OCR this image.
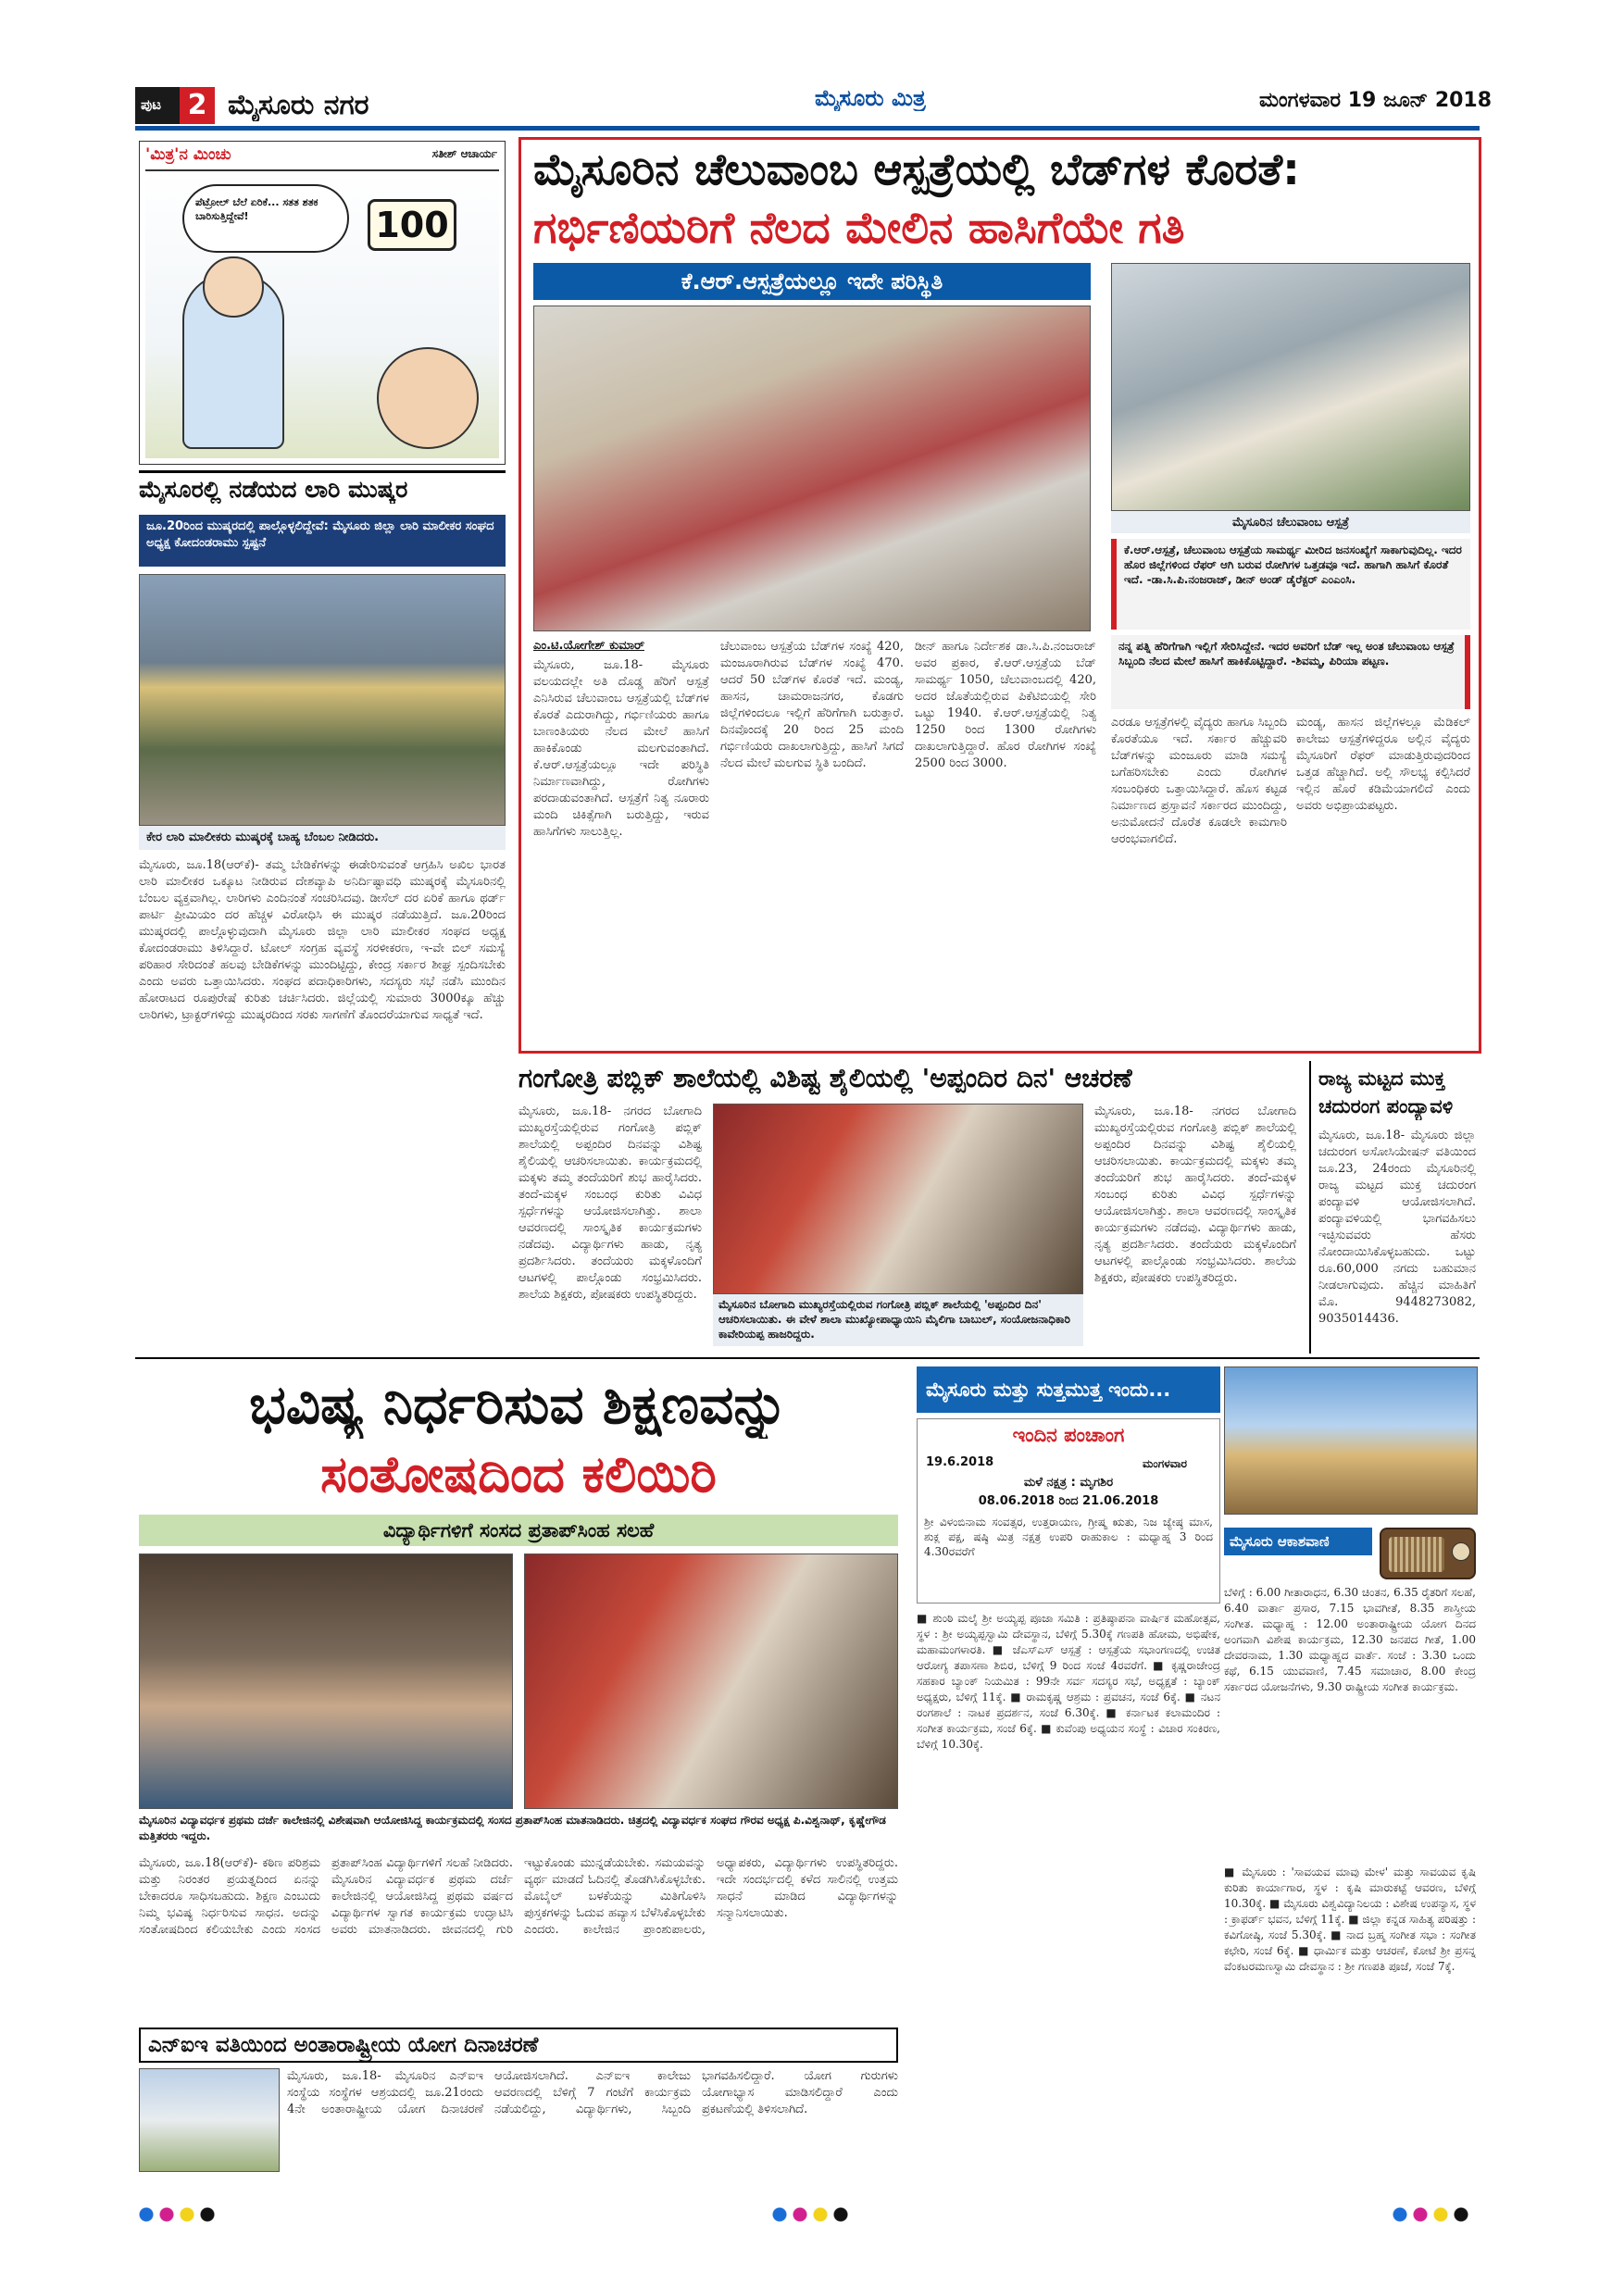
ಪುಟ 2 ಮೈಸೂರು ನಗರ	ಮೈಸೂರು ಮಿತ್ರ	ಮಂಗಳವಾರ 19 ಜೂನ್ 2018
'ಮಿತ್ರ'ನ ಮಿಂಚು	ಸತೀಶ್ ಆಚಾರ್ಯ
ಪೆಟ್ರೋಲ್ ಬೆಲೆ ಏರಿಕೆ... ಸತತ ಶತಕ ಬಾರಿಸುತ್ತಿದ್ದೇವೆ!	100
ಮೈಸೂರಲ್ಲಿ ನಡೆಯದ ಲಾರಿ ಮುಷ್ಕರ
ಜೂ.20ರಿಂದ ಮುಷ್ಕರದಲ್ಲಿ ಪಾಲ್ಗೊಳ್ಳಲಿದ್ದೇವೆ: ಮೈಸೂರು ಜಿಲ್ಲಾ ಲಾರಿ ಮಾಲೀಕರ ಸಂಘದ ಅಧ್ಯಕ್ಷ ಕೋದಂಡರಾಮು ಸ್ಪಷ್ಟನೆ
ಕೇರ ಲಾರಿ ಮಾಲೀಕರು ಮುಷ್ಕರಕ್ಕೆ ಬಾಹ್ಯ ಬೆಂಬಲ ನೀಡಿದರು.
ಮೈಸೂರು, ಜೂ.18(ಆರ್‌ಕೆ)- ತಮ್ಮ ಬೇಡಿಕೆಗಳನ್ನು ಈಡೇರಿಸುವಂತೆ ಆಗ್ರಹಿಸಿ ಅಖಿಲ ಭಾರತ ಲಾರಿ ಮಾಲೀಕರ ಒಕ್ಕೂಟ ನೀಡಿರುವ ದೇಶವ್ಯಾಪಿ ಅನಿರ್ದಿಷ್ಟಾವಧಿ ಮುಷ್ಕರಕ್ಕೆ ಮೈಸೂರಿನಲ್ಲಿ ಬೆಂಬಲ ವ್ಯಕ್ತವಾಗಿಲ್ಲ. ಲಾರಿಗಳು ಎಂದಿನಂತೆ ಸಂಚರಿಸಿದವು. ಡೀಸೆಲ್ ದರ ಏರಿಕೆ ಹಾಗೂ ಥರ್ಡ್ ಪಾರ್ಟಿ ಪ್ರೀಮಿಯಂ ದರ ಹೆಚ್ಚಳ ವಿರೋಧಿಸಿ ಈ ಮುಷ್ಕರ ನಡೆಯುತ್ತಿದೆ. ಜೂ.20ರಿಂದ ಮುಷ್ಕರದಲ್ಲಿ ಪಾಲ್ಗೊಳ್ಳುವುದಾಗಿ ಮೈಸೂರು ಜಿಲ್ಲಾ ಲಾರಿ ಮಾಲೀಕರ ಸಂಘದ ಅಧ್ಯಕ್ಷ ಕೋದಂಡರಾಮು ತಿಳಿಸಿದ್ದಾರೆ. ಟೋಲ್ ಸಂಗ್ರಹ ವ್ಯವಸ್ಥೆ ಸರಳೀಕರಣ, ಇ-ವೇ ಬಿಲ್ ಸಮಸ್ಯೆ ಪರಿಹಾರ ಸೇರಿದಂತೆ ಹಲವು ಬೇಡಿಕೆಗಳನ್ನು ಮುಂದಿಟ್ಟಿದ್ದು, ಕೇಂದ್ರ ಸರ್ಕಾರ ಶೀಘ್ರ ಸ್ಪಂದಿಸಬೇಕು ಎಂದು ಅವರು ಒತ್ತಾಯಿಸಿದರು. ಸಂಘದ ಪದಾಧಿಕಾರಿಗಳು, ಸದಸ್ಯರು ಸಭೆ ನಡೆಸಿ ಮುಂದಿನ ಹೋರಾಟದ ರೂಪುರೇಷೆ ಕುರಿತು ಚರ್ಚಿಸಿದರು. ಜಿಲ್ಲೆಯಲ್ಲಿ ಸುಮಾರು 3000ಕ್ಕೂ ಹೆಚ್ಚು ಲಾರಿಗಳು, ಟ್ರಾಕ್ಟರ್‌ಗಳಿದ್ದು ಮುಷ್ಕರದಿಂದ ಸರಕು ಸಾಗಣೆಗೆ ತೊಂದರೆಯಾಗುವ ಸಾಧ್ಯತೆ ಇದೆ.
ಮೈಸೂರಿನ ಚೆಲುವಾಂಬ ಆಸ್ಪತ್ರೆಯಲ್ಲಿ ಬೆಡ್‌ಗಳ ಕೊರತೆ:
ಗರ್ಭಿಣಿಯರಿಗೆ ನೆಲದ ಮೇಲಿನ ಹಾಸಿಗೆಯೇ ಗತಿ
ಕೆ.ಆರ್.ಆಸ್ಪತ್ರೆಯಲ್ಲೂ ಇದೇ ಪರಿಸ್ಥಿತಿ
ಮೈಸೂರಿನ ಚೆಲುವಾಂಬ ಆಸ್ಪತ್ರೆ
ಕೆ.ಆರ್.ಆಸ್ಪತ್ರೆ, ಚೆಲುವಾಂಬ ಆಸ್ಪತ್ರೆಯ ಸಾಮರ್ಥ್ಯ ಮೀರಿದ ಜನಸಂಖ್ಯೆಗೆ ಸಾಕಾಗುವುದಿಲ್ಲ. ಇದರ ಹೊರ ಜಿಲ್ಲೆಗಳಿಂದ ರೆಫರ್ ಆಗಿ ಬರುವ ರೋಗಿಗಳ ಒತ್ತಡವೂ ಇದೆ. ಹಾಗಾಗಿ ಹಾಸಿಗೆ ಕೊರತೆ ಇದೆ. -ಡಾ.ಸಿ.ಪಿ.ನಂಜರಾಜ್, ಡೀನ್ ಅಂಡ್ ಡೈರೆಕ್ಟರ್ ಎಂಎಂಸಿ.
ನನ್ನ ಪತ್ನಿ ಹೆರಿಗೆಗಾಗಿ ಇಲ್ಲಿಗೆ ಸೇರಿಸಿದ್ದೇನೆ. ಇದರ ಅವರಿಗೆ ಬೆಡ್ ಇಲ್ಲ ಅಂತ ಚೆಲುವಾಂಬ ಆಸ್ಪತ್ರೆ ಸಿಬ್ಬಂದಿ ನೆಲದ ಮೇಲೆ ಹಾಸಿಗೆ ಹಾಕಿಕೊಟ್ಟಿದ್ದಾರೆ. -ಶಿವಮ್ಮ, ಪಿರಿಯಾ ಪಟ್ಟಣ.
ಎಂ.ಟಿ.ಯೋಗೇಶ್ ಕುಮಾರ್
ಮೈಸೂರು, ಜೂ.18- ಮೈಸೂರು ವಲಯದಲ್ಲೇ ಅತಿ ದೊಡ್ಡ ಹೆರಿಗೆ ಆಸ್ಪತ್ರೆ ಎನಿಸಿರುವ ಚೆಲುವಾಂಬ ಆಸ್ಪತ್ರೆಯಲ್ಲಿ ಬೆಡ್‌ಗಳ ಕೊರತೆ ಎದುರಾಗಿದ್ದು, ಗರ್ಭಿಣಿಯರು ಹಾಗೂ ಬಾಣಂತಿಯರು ನೆಲದ ಮೇಲೆ ಹಾಸಿಗೆ ಹಾಕಿಕೊಂಡು ಮಲಗುವಂತಾಗಿದೆ. ಕೆ.ಆರ್.ಆಸ್ಪತ್ರೆಯಲ್ಲೂ ಇದೇ ಪರಿಸ್ಥಿತಿ ನಿರ್ಮಾಣವಾಗಿದ್ದು, ರೋಗಿಗಳು ಪರದಾಡುವಂತಾಗಿದೆ. ಆಸ್ಪತ್ರೆಗೆ ನಿತ್ಯ ನೂರಾರು ಮಂದಿ ಚಿಕಿತ್ಸೆಗಾಗಿ ಬರುತ್ತಿದ್ದು, ಇರುವ ಹಾಸಿಗೆಗಳು ಸಾಲುತ್ತಿಲ್ಲ.
ಚೆಲುವಾಂಬ ಆಸ್ಪತ್ರೆಯ ಬೆಡ್‌ಗಳ ಸಂಖ್ಯೆ 420, ಮಂಜೂರಾಗಿರುವ ಬೆಡ್‌ಗಳ ಸಂಖ್ಯೆ 470. ಆದರೆ 50 ಬೆಡ್‌ಗಳ ಕೊರತೆ ಇದೆ. ಮಂಡ್ಯ, ಹಾಸನ, ಚಾಮರಾಜನಗರ, ಕೊಡಗು ಜಿಲ್ಲೆಗಳಿಂದಲೂ ಇಲ್ಲಿಗೆ ಹೆರಿಗೆಗಾಗಿ ಬರುತ್ತಾರೆ. ದಿನವೊಂದಕ್ಕೆ 20 ರಿಂದ 25 ಮಂದಿ ಗರ್ಭಿಣಿಯರು ದಾಖಲಾಗುತ್ತಿದ್ದು, ಹಾಸಿಗೆ ಸಿಗದೆ ನೆಲದ ಮೇಲೆ ಮಲಗುವ ಸ್ಥಿತಿ ಬಂದಿದೆ.
ಡೀನ್ ಹಾಗೂ ನಿರ್ದೇಶಕ ಡಾ.ಸಿ.ಪಿ.ನಂಜರಾಜ್ ಅವರ ಪ್ರಕಾರ, ಕೆ.ಆರ್.ಆಸ್ಪತ್ರೆಯ ಬೆಡ್ ಸಾಮರ್ಥ್ಯ 1050, ಚೆಲುವಾಂಬದಲ್ಲಿ 420, ಅದರ ಜೊತೆಯಲ್ಲಿರುವ ಪಿಕೆಟಿಬಿಯಲ್ಲಿ ಸೇರಿ ಒಟ್ಟು 1940. ಕೆ.ಆರ್.ಆಸ್ಪತ್ರೆಯಲ್ಲಿ ನಿತ್ಯ 1250 ರಿಂದ 1300 ರೋಗಿಗಳು ದಾಖಲಾಗುತ್ತಿದ್ದಾರೆ. ಹೊರ ರೋಗಿಗಳ ಸಂಖ್ಯೆ 2500 ರಿಂದ 3000.
ಎರಡೂ ಆಸ್ಪತ್ರೆಗಳಲ್ಲಿ ವೈದ್ಯರು ಹಾಗೂ ಸಿಬ್ಬಂದಿ ಕೊರತೆಯೂ ಇದೆ. ಸರ್ಕಾರ ಹೆಚ್ಚುವರಿ ಬೆಡ್‌ಗಳನ್ನು ಮಂಜೂರು ಮಾಡಿ ಸಮಸ್ಯೆ ಬಗೆಹರಿಸಬೇಕು ಎಂದು ರೋಗಿಗಳ ಸಂಬಂಧಿಕರು ಒತ್ತಾಯಿಸಿದ್ದಾರೆ. ಹೊಸ ಕಟ್ಟಡ ನಿರ್ಮಾಣದ ಪ್ರಸ್ತಾವನೆ ಸರ್ಕಾರದ ಮುಂದಿದ್ದು, ಅನುಮೋದನೆ ದೊರೆತ ಕೂಡಲೇ ಕಾಮಗಾರಿ ಆರಂಭವಾಗಲಿದೆ.
ಮಂಡ್ಯ, ಹಾಸನ ಜಿಲ್ಲೆಗಳಲ್ಲೂ ಮೆಡಿಕಲ್ ಕಾಲೇಜು ಆಸ್ಪತ್ರೆಗಳಿದ್ದರೂ ಅಲ್ಲಿನ ವೈದ್ಯರು ಮೈಸೂರಿಗೆ ರೆಫರ್ ಮಾಡುತ್ತಿರುವುದರಿಂದ ಒತ್ತಡ ಹೆಚ್ಚಾಗಿದೆ. ಅಲ್ಲಿ ಸೌಲಭ್ಯ ಕಲ್ಪಿಸಿದರೆ ಇಲ್ಲಿನ ಹೊರೆ ಕಡಿಮೆಯಾಗಲಿದೆ ಎಂದು ಅವರು ಅಭಿಪ್ರಾಯಪಟ್ಟರು.
ಗಂಗೋತ್ರಿ ಪಬ್ಲಿಕ್ ಶಾಲೆಯಲ್ಲಿ ವಿಶಿಷ್ಟ ಶೈಲಿಯಲ್ಲಿ 'ಅಪ್ಪಂದಿರ ದಿನ' ಆಚರಣೆ
ಮೈಸೂರು, ಜೂ.18- ನಗರದ ಬೋಗಾದಿ ಮುಖ್ಯರಸ್ತೆಯಲ್ಲಿರುವ ಗಂಗೋತ್ರಿ ಪಬ್ಲಿಕ್ ಶಾಲೆಯಲ್ಲಿ ಅಪ್ಪಂದಿರ ದಿನವನ್ನು ವಿಶಿಷ್ಟ ಶೈಲಿಯಲ್ಲಿ ಆಚರಿಸಲಾಯಿತು. ಕಾರ್ಯಕ್ರಮದಲ್ಲಿ ಮಕ್ಕಳು ತಮ್ಮ ತಂದೆಯರಿಗೆ ಶುಭ ಹಾರೈಸಿದರು. ತಂದೆ-ಮಕ್ಕಳ ಸಂಬಂಧ ಕುರಿತು ವಿವಿಧ ಸ್ಪರ್ಧೆಗಳನ್ನು ಆಯೋಜಿಸಲಾಗಿತ್ತು. ಶಾಲಾ ಆವರಣದಲ್ಲಿ ಸಾಂಸ್ಕೃತಿಕ ಕಾರ್ಯಕ್ರಮಗಳು ನಡೆದವು. ವಿದ್ಯಾರ್ಥಿಗಳು ಹಾಡು, ನೃತ್ಯ ಪ್ರದರ್ಶಿಸಿದರು. ತಂದೆಯರು ಮಕ್ಕಳೊಂದಿಗೆ ಆಟಗಳಲ್ಲಿ ಪಾಲ್ಗೊಂಡು ಸಂಭ್ರಮಿಸಿದರು. ಶಾಲೆಯ ಶಿಕ್ಷಕರು, ಪೋಷಕರು ಉಪಸ್ಥಿತರಿದ್ದರು.
ಮೈಸೂರಿನ ಬೋಗಾದಿ ಮುಖ್ಯರಸ್ತೆಯಲ್ಲಿರುವ ಗಂಗೋತ್ರಿ ಪಬ್ಲಿಕ್ ಶಾಲೆಯಲ್ಲಿ 'ಅಪ್ಪಂದಿರ ದಿನ' ಆಚರಿಸಲಾಯಿತು. ಈ ವೇಳೆ ಶಾಲಾ ಮುಖ್ಯೋಪಾಧ್ಯಾಯಿನಿ ಮೈಲಿಗಾ ಬಾಬುಲ್, ಸಂಯೋಜನಾಧಿಕಾರಿ ಕಾವೇರಿಯಪ್ಪ ಹಾಜರಿದ್ದರು.
ಮೈಸೂರು, ಜೂ.18- ನಗರದ ಬೋಗಾದಿ ಮುಖ್ಯರಸ್ತೆಯಲ್ಲಿರುವ ಗಂಗೋತ್ರಿ ಪಬ್ಲಿಕ್ ಶಾಲೆಯಲ್ಲಿ ಅಪ್ಪಂದಿರ ದಿನವನ್ನು ವಿಶಿಷ್ಟ ಶೈಲಿಯಲ್ಲಿ ಆಚರಿಸಲಾಯಿತು. ಕಾರ್ಯಕ್ರಮದಲ್ಲಿ ಮಕ್ಕಳು ತಮ್ಮ ತಂದೆಯರಿಗೆ ಶುಭ ಹಾರೈಸಿದರು. ತಂದೆ-ಮಕ್ಕಳ ಸಂಬಂಧ ಕುರಿತು ವಿವಿಧ ಸ್ಪರ್ಧೆಗಳನ್ನು ಆಯೋಜಿಸಲಾಗಿತ್ತು. ಶಾಲಾ ಆವರಣದಲ್ಲಿ ಸಾಂಸ್ಕೃತಿಕ ಕಾರ್ಯಕ್ರಮಗಳು ನಡೆದವು. ವಿದ್ಯಾರ್ಥಿಗಳು ಹಾಡು, ನೃತ್ಯ ಪ್ರದರ್ಶಿಸಿದರು. ತಂದೆಯರು ಮಕ್ಕಳೊಂದಿಗೆ ಆಟಗಳಲ್ಲಿ ಪಾಲ್ಗೊಂಡು ಸಂಭ್ರಮಿಸಿದರು. ಶಾಲೆಯ ಶಿಕ್ಷಕರು, ಪೋಷಕರು ಉಪಸ್ಥಿತರಿದ್ದರು.
ರಾಜ್ಯ ಮಟ್ಟದ ಮುಕ್ತ ಚದುರಂಗ ಪಂದ್ಯಾವಳಿ
ಮೈಸೂರು, ಜೂ.18- ಮೈಸೂರು ಜಿಲ್ಲಾ ಚದುರಂಗ ಅಸೋಸಿಯೇಷನ್ ವತಿಯಿಂದ ಜೂ.23, 24ರಂದು ಮೈಸೂರಿನಲ್ಲಿ ರಾಜ್ಯ ಮಟ್ಟದ ಮುಕ್ತ ಚದುರಂಗ ಪಂದ್ಯಾವಳಿ ಆಯೋಜಿಸಲಾಗಿದೆ. ಪಂದ್ಯಾವಳಿಯಲ್ಲಿ ಭಾಗವಹಿಸಲು ಇಚ್ಛಿಸುವವರು ಹೆಸರು ನೋಂದಾಯಿಸಿಕೊಳ್ಳಬಹುದು. ಒಟ್ಟು ರೂ.60,000 ನಗದು ಬಹುಮಾನ ನೀಡಲಾಗುವುದು. ಹೆಚ್ಚಿನ ಮಾಹಿತಿಗೆ ಮೊ. 9448273082, 9035014436.
ಭವಿಷ್ಯ ನಿರ್ಧರಿಸುವ ಶಿಕ್ಷಣವನ್ನು
ಸಂತೋಷದಿಂದ ಕಲಿಯಿರಿ
ವಿದ್ಯಾರ್ಥಿಗಳಿಗೆ ಸಂಸದ ಪ್ರತಾಪ್‌ಸಿಂಹ ಸಲಹೆ
ಮೈಸೂರಿನ ವಿದ್ಯಾವರ್ಧಕ ಪ್ರಥಮ ದರ್ಜೆ ಕಾಲೇಜಿನಲ್ಲಿ ವಿಶೇಷವಾಗಿ ಆಯೋಜಿಸಿದ್ದ ಕಾರ್ಯಕ್ರಮದಲ್ಲಿ ಸಂಸದ ಪ್ರತಾಪ್‌ಸಿಂಹ ಮಾತನಾಡಿದರು. ಚಿತ್ರದಲ್ಲಿ ವಿದ್ಯಾವರ್ಧಕ ಸಂಘದ ಗೌರವ ಅಧ್ಯಕ್ಷ ಪಿ.ವಿಶ್ವನಾಥ್, ಕೃಷ್ಣೇಗೌಡ ಮತ್ತಿತರರು ಇದ್ದರು.
ಮೈಸೂರು, ಜೂ.18(ಆರ್‌ಕೆ)- ಕಠಿಣ ಪರಿಶ್ರಮ ಮತ್ತು ನಿರಂತರ ಪ್ರಯತ್ನದಿಂದ ಏನನ್ನು ಬೇಕಾದರೂ ಸಾಧಿಸಬಹುದು. ಶಿಕ್ಷಣ ಎಂಬುದು ನಿಮ್ಮ ಭವಿಷ್ಯ ನಿರ್ಧರಿಸುವ ಸಾಧನ. ಅದನ್ನು ಸಂತೋಷದಿಂದ ಕಲಿಯಬೇಕು ಎಂದು ಸಂಸದ ಪ್ರತಾಪ್‌ಸಿಂಹ ವಿದ್ಯಾರ್ಥಿಗಳಿಗೆ ಸಲಹೆ ನೀಡಿದರು. ಮೈಸೂರಿನ ವಿದ್ಯಾವರ್ಧಕ ಪ್ರಥಮ ದರ್ಜೆ ಕಾಲೇಜಿನಲ್ಲಿ ಆಯೋಜಿಸಿದ್ದ ಪ್ರಥಮ ವರ್ಷದ ವಿದ್ಯಾರ್ಥಿಗಳ ಸ್ವಾಗತ ಕಾರ್ಯಕ್ರಮ ಉದ್ಘಾಟಿಸಿ ಅವರು ಮಾತನಾಡಿದರು. ಜೀವನದಲ್ಲಿ ಗುರಿ ಇಟ್ಟುಕೊಂಡು ಮುನ್ನಡೆಯಬೇಕು. ಸಮಯವನ್ನು ವ್ಯರ್ಥ ಮಾಡದೆ ಓದಿನಲ್ಲಿ ತೊಡಗಿಸಿಕೊಳ್ಳಬೇಕು. ಮೊಬೈಲ್ ಬಳಕೆಯನ್ನು ಮಿತಿಗೊಳಿಸಿ ಪುಸ್ತಕಗಳನ್ನು ಓದುವ ಹವ್ಯಾಸ ಬೆಳೆಸಿಕೊಳ್ಳಬೇಕು ಎಂದರು. ಕಾಲೇಜಿನ ಪ್ರಾಂಶುಪಾಲರು, ಅಧ್ಯಾಪಕರು, ವಿದ್ಯಾರ್ಥಿಗಳು ಉಪಸ್ಥಿತರಿದ್ದರು. ಇದೇ ಸಂದರ್ಭದಲ್ಲಿ ಕಳೆದ ಸಾಲಿನಲ್ಲಿ ಉತ್ತಮ ಸಾಧನೆ ಮಾಡಿದ ವಿದ್ಯಾರ್ಥಿಗಳನ್ನು ಸನ್ಮಾನಿಸಲಾಯಿತು.
ಎನ್‌ಐಇ ವತಿಯಿಂದ ಅಂತಾರಾಷ್ಟ್ರೀಯ ಯೋಗ ದಿನಾಚರಣೆ
ಮೈಸೂರು, ಜೂ.18- ಮೈಸೂರಿನ ಎನ್‌ಐಇ ಸಂಸ್ಥೆಯ ಸಂಸ್ಥೆಗಳ ಆಶ್ರಯದಲ್ಲಿ ಜೂ.21ರಂದು 4ನೇ ಅಂತಾರಾಷ್ಟ್ರೀಯ ಯೋಗ ದಿನಾಚರಣೆ ಆಯೋಜಿಸಲಾಗಿದೆ. ಎನ್‌ಐಇ ಕಾಲೇಜು ಆವರಣದಲ್ಲಿ ಬೆಳಿಗ್ಗೆ 7 ಗಂಟೆಗೆ ಕಾರ್ಯಕ್ರಮ ನಡೆಯಲಿದ್ದು, ವಿದ್ಯಾರ್ಥಿಗಳು, ಸಿಬ್ಬಂದಿ ಭಾಗವಹಿಸಲಿದ್ದಾರೆ. ಯೋಗ ಗುರುಗಳು ಯೋಗಾಭ್ಯಾಸ ಮಾಡಿಸಲಿದ್ದಾರೆ ಎಂದು ಪ್ರಕಟಣೆಯಲ್ಲಿ ತಿಳಿಸಲಾಗಿದೆ.
ಮೈಸೂರು ಮತ್ತು ಸುತ್ತಮುತ್ತ ಇಂದು...
ಇಂದಿನ ಪಂಚಾಂಗ
19.6.2018	ಮಂಗಳವಾರ
ಮಳೆ ನಕ್ಷತ್ರ : ಮೃಗಶಿರ
08.06.2018 ರಿಂದ 21.06.2018
ಶ್ರೀ ವಿಳಂಬಿನಾಮ ಸಂವತ್ಸರ, ಉತ್ತರಾಯಣ, ಗ್ರೀಷ್ಮ ಋತು, ನಿಜ ಜ್ಯೇಷ್ಠ ಮಾಸ, ಶುಕ್ಲ ಪಕ್ಷ, ಷಷ್ಠಿ ಮಿತ್ರ ನಕ್ಷತ್ರ ಉಪರಿ ರಾಹುಕಾಲ : ಮಧ್ಯಾಹ್ನ 3 ರಿಂದ 4.30ರವರೆಗೆ
■ ಶುಂಠಿ ಮಲೈ ಶ್ರೀ ಅಯ್ಯಪ್ಪ ಪೂಜಾ ಸಮಿತಿ : ಪ್ರತಿಷ್ಠಾಪನಾ ವಾರ್ಷಿಕ ಮಹೋತ್ಸವ, ಸ್ಥಳ : ಶ್ರೀ ಅಯ್ಯಪ್ಪಸ್ವಾಮಿ ದೇವಸ್ಥಾನ, ಬೆಳಿಗ್ಗೆ 5.30ಕ್ಕೆ ಗಣಪತಿ ಹೋಮ, ಅಭಿಷೇಕ, ಮಹಾಮಂಗಳಾರತಿ. ■ ಜೆಎಸ್‌ಎಸ್ ಆಸ್ಪತ್ರೆ : ಆಸ್ಪತ್ರೆಯ ಸಭಾಂಗಣದಲ್ಲಿ ಉಚಿತ ಆರೋಗ್ಯ ತಪಾಸಣಾ ಶಿಬಿರ, ಬೆಳಿಗ್ಗೆ 9 ರಿಂದ ಸಂಜೆ 4ರವರೆಗೆ. ■ ಕೃಷ್ಣರಾಜೇಂದ್ರ ಸಹಕಾರ ಬ್ಯಾಂಕ್ ನಿಯಮಿತ : 99ನೇ ಸರ್ವ ಸದಸ್ಯರ ಸಭೆ, ಅಧ್ಯಕ್ಷತೆ : ಬ್ಯಾಂಕ್ ಅಧ್ಯಕ್ಷರು, ಬೆಳಿಗ್ಗೆ 11ಕ್ಕೆ. ■ ರಾಮಕೃಷ್ಣ ಆಶ್ರಮ : ಪ್ರವಚನ, ಸಂಜೆ 6ಕ್ಕೆ. ■ ನಟನ ರಂಗಶಾಲೆ : ನಾಟಕ ಪ್ರದರ್ಶನ, ಸಂಜೆ 6.30ಕ್ಕೆ. ■ ಕರ್ನಾಟಕ ಕಲಾಮಂದಿರ : ಸಂಗೀತ ಕಾರ್ಯಕ್ರಮ, ಸಂಜೆ 6ಕ್ಕೆ. ■ ಕುವೆಂಪು ಅಧ್ಯಯನ ಸಂಸ್ಥೆ : ವಿಚಾರ ಸಂಕಿರಣ, ಬೆಳಿಗ್ಗೆ 10.30ಕ್ಕೆ.
ಮೈಸೂರು ಆಕಾಶವಾಣಿ
ಬೆಳಿಗ್ಗೆ : 6.00 ಗೀತಾರಾಧನ, 6.30 ಚಿಂತನ, 6.35 ರೈತರಿಗೆ ಸಲಹೆ, 6.40 ವಾರ್ತಾ ಪ್ರಸಾರ, 7.15 ಭಾವಗೀತೆ, 8.35 ಶಾಸ್ತ್ರೀಯ ಸಂಗೀತ. ಮಧ್ಯಾಹ್ನ : 12.00 ಅಂತಾರಾಷ್ಟ್ರೀಯ ಯೋಗ ದಿನದ ಅಂಗವಾಗಿ ವಿಶೇಷ ಕಾರ್ಯಕ್ರಮ, 12.30 ಜನಪದ ಗೀತೆ, 1.00 ದೇವರನಾಮ, 1.30 ಮಧ್ಯಾಹ್ನದ ವಾರ್ತೆ. ಸಂಜೆ : 3.30 ಒಂದು ಕಥೆ, 6.15 ಯುವವಾಣಿ, 7.45 ಸಮಾಚಾರ, 8.00 ಕೇಂದ್ರ ಸರ್ಕಾರದ ಯೋಜನೆಗಳು, 9.30 ರಾಷ್ಟ್ರೀಯ ಸಂಗೀತ ಕಾರ್ಯಕ್ರಮ.
■ ಮೈಸೂರು : 'ಸಾವಯವ ಮಾವು ಮೇಳ' ಮತ್ತು ಸಾವಯವ ಕೃಷಿ ಕುರಿತು ಕಾರ್ಯಾಗಾರ, ಸ್ಥಳ : ಕೃಷಿ ಮಾರುಕಟ್ಟೆ ಆವರಣ, ಬೆಳಿಗ್ಗೆ 10.30ಕ್ಕೆ. ■ ಮೈಸೂರು ವಿಶ್ವವಿದ್ಯಾನಿಲಯ : ವಿಶೇಷ ಉಪನ್ಯಾಸ, ಸ್ಥಳ : ಕ್ರಾಫರ್ಡ್ ಭವನ, ಬೆಳಿಗ್ಗೆ 11ಕ್ಕೆ. ■ ಜಿಲ್ಲಾ ಕನ್ನಡ ಸಾಹಿತ್ಯ ಪರಿಷತ್ತು : ಕವಿಗೋಷ್ಠಿ, ಸಂಜೆ 5.30ಕ್ಕೆ. ■ ನಾದ ಬ್ರಹ್ಮ ಸಂಗೀತ ಸಭಾ : ಸಂಗೀತ ಕಛೇರಿ, ಸಂಜೆ 6ಕ್ಕೆ. ■ ಧಾರ್ಮಿಕ ಮತ್ತು ಆಚರಣೆ, ಕೋಟೆ ಶ್ರೀ ಪ್ರಸನ್ನ ವೆಂಕಟರಮಣಸ್ವಾಮಿ ದೇವಸ್ಥಾನ : ಶ್ರೀ ಗಣಪತಿ ಪೂಜೆ, ಸಂಜೆ 7ಕ್ಕೆ.
